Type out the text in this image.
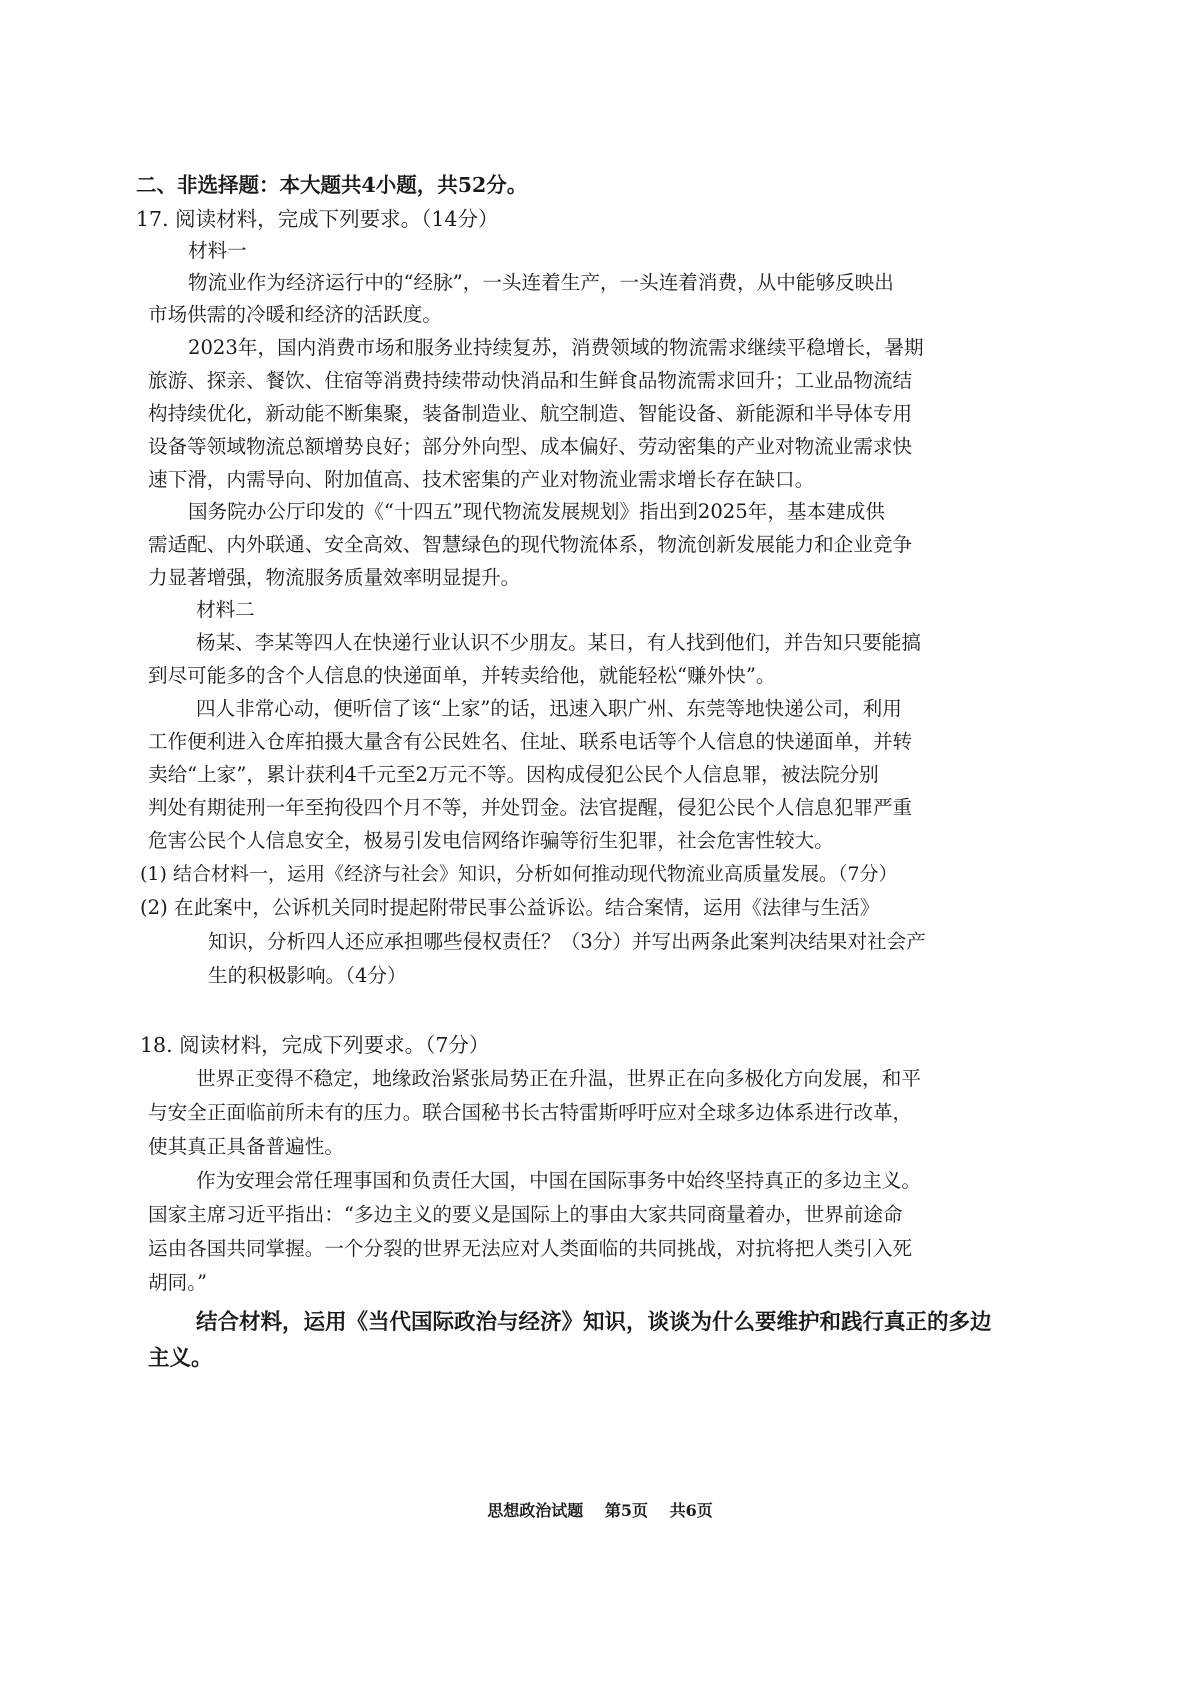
二、非选择题：本大题共4小题，共52分。
17. 阅读材料，完成下列要求。（14分）
材料一
物流业作为经济运行中的“经脉”，一头连着生产，一头连着消费，从中能够反映出
市场供需的冷暖和经济的活跃度。
2023年，国内消费市场和服务业持续复苏，消费领域的物流需求继续平稳增长，暑期
旅游、探亲、餐饮、住宿等消费持续带动快消品和生鲜食品物流需求回升；工业品物流结
构持续优化，新动能不断集聚，装备制造业、航空制造、智能设备、新能源和半导体专用
设备等领域物流总额增势良好；部分外向型、成本偏好、劳动密集的产业对物流业需求快
速下滑，内需导向、附加值高、技术密集的产业对物流业需求增长存在缺口。
国务院办公厅印发的《“十四五”现代物流发展规划》指出到2025年，基本建成供
需适配、内外联通、安全高效、智慧绿色的现代物流体系，物流创新发展能力和企业竞争
力显著增强，物流服务质量效率明显提升。
材料二
杨某、李某等四人在快递行业认识不少朋友。某日，有人找到他们，并告知只要能搞
到尽可能多的含个人信息的快递面单，并转卖给他，就能轻松“赚外快”。
四人非常心动，便听信了该“上家”的话，迅速入职广州、东莞等地快递公司，利用
工作便利进入仓库拍摄大量含有公民姓名、住址、联系电话等个人信息的快递面单，并转
卖给“上家”，累计获利4千元至2万元不等。因构成侵犯公民个人信息罪，被法院分别
判处有期徒刑一年至拘役四个月不等，并处罚金。法官提醒，侵犯公民个人信息犯罪严重
危害公民个人信息安全，极易引发电信网络诈骗等衍生犯罪，社会危害性较大。
(1) 结合材料一，运用《经济与社会》知识，分析如何推动现代物流业高质量发展。（7分）
(2) 在此案中，公诉机关同时提起附带民事公益诉讼。结合案情，运用《法律与生活》
知识，分析四人还应承担哪些侵权责任？（3分）并写出两条此案判决结果对社会产
生的积极影响。（4分）
18. 阅读材料，完成下列要求。（7分）
世界正变得不稳定，地缘政治紧张局势正在升温，世界正在向多极化方向发展，和平
与安全正面临前所未有的压力。联合国秘书长古特雷斯呼吁应对全球多边体系进行改革，
使其真正具备普遍性。
作为安理会常任理事国和负责任大国，中国在国际事务中始终坚持真正的多边主义。
国家主席习近平指出：“多边主义的要义是国际上的事由大家共同商量着办，世界前途命
运由各国共同掌握。一个分裂的世界无法应对人类面临的共同挑战，对抗将把人类引入死
胡同。”
结合材料，运用《当代国际政治与经济》知识，谈谈为什么要维护和践行真正的多边
主义。
思想政治试题 第5页 共6页
